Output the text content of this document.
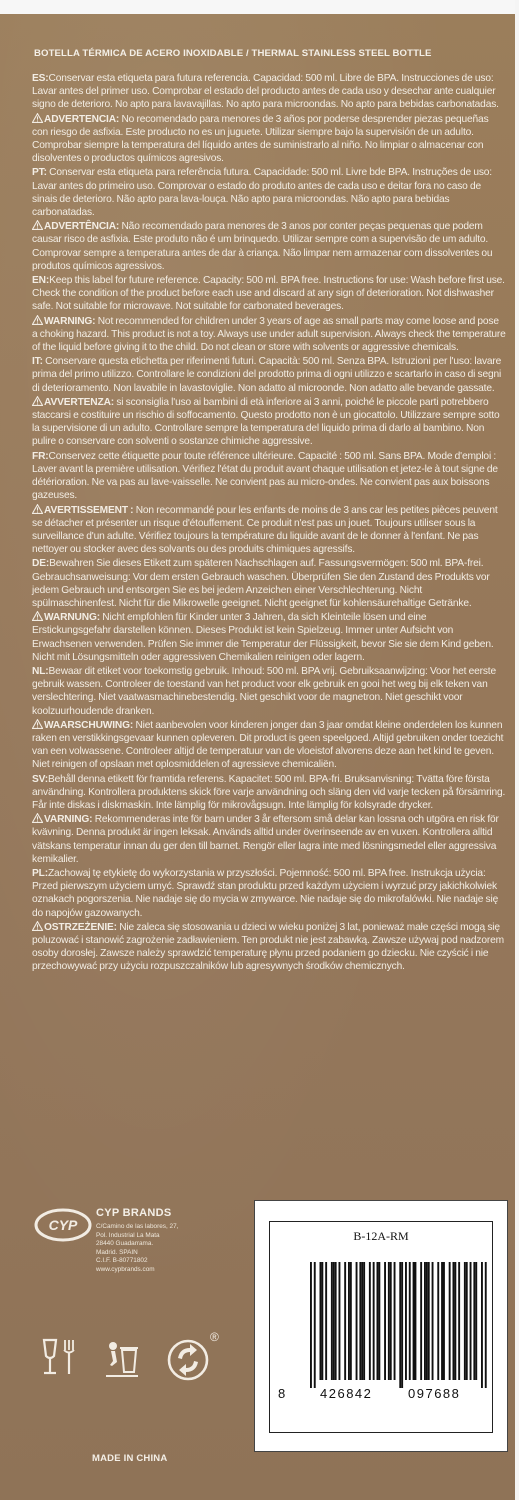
BOTELLA TÉRMICA DE ACERO INOXIDABLE / THERMAL STAINLESS STEEL BOTTLE

ES:Conservar esta etiqueta para futura referencia. Capacidad: 500 ml. Libre de BPA. Instrucciones de uso: Lavar antes del primer uso. Comprobar el estado del producto antes de cada uso y desechar ante cualquier signo de deterioro. No apto para lavavajillas. No apto para microondas. No apto para bebidas carbonatadas.

ADVERTENCIA: No recomendado para menores de 3 años por poderse desprender piezas pequeñas con riesgo de asfixia. Este producto no es un juguete. Utilizar siempre bajo la supervisión de un adulto. Comprobar siempre la temperatura del líquido antes de suministrarlo al niño. No limpiar o almacenar con disolventes o productos químicos agresivos.

PT: Conservar esta etiqueta para referência futura. Capacidade: 500 ml. Livre bde BPA. Instruções de uso: Lavar antes do primeiro uso. Comprovar o estado do produto antes de cada uso e deitar fora no caso de sinais de deterioro. Não apto para lava-louça. Não apto para microondas. Não apto para bebidas carbonatadas.

ADVERTÊNCIA: Não recomendado para menores de 3 anos por conter peças pequenas que podem causar risco de asfixia. Este produto não é um brinquedo. Utilizar sempre com a supervisão de um adulto. Comprovar sempre a temperatura antes de dar à criança. Não limpar nem armazenar com dissolventes ou produtos químicos agressivos.

EN:Keep this label for future reference. Capacity: 500 ml. BPA free. Instructions for use: Wash before first use. Check the condition of the product before each use and discard at any sign of deterioration. Not dishwasher safe. Not suitable for microwave. Not suitable for carbonated beverages.

WARNING: Not recommended for children under 3 years of age as small parts may come loose and pose a choking hazard. This product is not a toy. Always use under adult supervision. Always check the temperature of the liquid before giving it to the child. Do not clean or store with solvents or aggressive chemicals.

IT: Conservare questa etichetta per riferimenti futuri. Capacità: 500 ml. Senza BPA. Istruzioni per l'uso: lavare prima del primo utilizzo. Controllare le condizioni del prodotto prima di ogni utilizzo e scartarlo in caso di segni di deterioramento. Non lavabile in lavastoviglie. Non adatto al microonde. Non adatto alle bevande gassate.

AVVERTENZA: si sconsiglia l'uso ai bambini di età inferiore ai 3 anni, poiché le piccole parti potrebbero staccarsi e costituire un rischio di soffocamento. Questo prodotto non è un giocattolo. Utilizzare sempre sotto la supervisione di un adulto. Controllare sempre la temperatura del liquido prima di darlo al bambino. Non pulire o conservare con solventi o sostanze chimiche aggressive.

FR:Conservez cette étiquette pour toute référence ultérieure. Capacité : 500 ml. Sans BPA. Mode d'emploi : Laver avant la première utilisation. Vérifiez l'état du produit avant chaque utilisation et jetez-le à tout signe de détérioration. Ne va pas au lave-vaisselle. Ne convient pas au micro-ondes. Ne convient pas aux boissons gazeuses.

AVERTISSEMENT : Non recommandé pour les enfants de moins de 3 ans car les petites pièces peuvent se détacher et présenter un risque d'étouffement. Ce produit n'est pas un jouet. Toujours utiliser sous la surveillance d'un adulte. Vérifiez toujours la température du liquide avant de le donner à l'enfant. Ne pas nettoyer ou stocker avec des solvants ou des produits chimiques agressifs.

DE:Bewahren Sie dieses Etikett zum späteren Nachschlagen auf. Fassungsvermögen: 500 ml. BPA-frei. Gebrauchsanweisung: Vor dem ersten Gebrauch waschen. Überprüfen Sie den Zustand des Produkts vor jedem Gebrauch und entsorgen Sie es bei jedem Anzeichen einer Verschlechterung. Nicht spülmaschinenfest. Nicht für die Mikrowelle geeignet. Nicht geeignet für kohlensäurehaltige Getränke.

WARNUNG: Nicht empfohlen für Kinder unter 3 Jahren, da sich Kleinteile lösen und eine Erstickungsgefahr darstellen können. Dieses Produkt ist kein Spielzeug. Immer unter Aufsicht von Erwachsenen verwenden. Prüfen Sie immer die Temperatur der Flüssigkeit, bevor Sie sie dem Kind geben. Nicht mit Lösungsmitteln oder aggressiven Chemikalien reinigen oder lagern.

NL:Bewaar dit etiket voor toekomstig gebruik. Inhoud: 500 ml. BPA vrij. Gebruiksaanwijzing: Voor het eerste gebruik wassen. Controleer de toestand van het product voor elk gebruik en gooi het weg bij elk teken van verslechtering. Niet vaatwasmachinebestendig. Niet geschikt voor de magnetron. Niet geschikt voor koolzuurhoudende dranken.

WAARSCHUWING: Niet aanbevolen voor kinderen jonger dan 3 jaar omdat kleine onderdelen los kunnen raken en verstikkingsgevaar kunnen opleveren. Dit product is geen speelgoed. Altijd gebruiken onder toezicht van een volwassene. Controleer altijd de temperatuur van de vloeistof alvorens deze aan het kind te geven. Niet reinigen of opslaan met oplosmiddelen of agressieve chemicaliën.

SV:Behåll denna etikett för framtida referens. Kapacitet: 500 ml. BPA-fri. Bruksanvisning: Tvätta före första användning. Kontrollera produktens skick före varje användning och släng den vid varje tecken på försämring. Får inte diskas i diskmaskin. Inte lämplig för mikrovågsugn. Inte lämplig för kolsyrade drycker.

VARNING: Rekommenderas inte för barn under 3 år eftersom små delar kan lossna och utgöra en risk för kvävning. Denna produkt är ingen leksak. Används alltid under överinseende av en vuxen. Kontrollera alltid vätskans temperatur innan du ger den till barnet. Rengör eller lagra inte med lösningsmedel eller aggressiva kemikalier.

PL:Zachowaj tę etykietę do wykorzystania w przyszłości. Pojemność: 500 ml. BPA free. Instrukcja użycia: Przed pierwszym użyciem umyć. Sprawdź stan produktu przed każdym użyciem i wyrzuć przy jakichkolwiek oznakach pogorszenia. Nie nadaje się do mycia w zmywarce. Nie nadaje się do mikrofalówki. Nie nadaje się do napojów gazowanych.

OSTRZEŻENIE: Nie zaleca się stosowania u dzieci w wieku poniżej 3 lat, ponieważ małe części mogą się poluzować i stanowić zagrożenie zadławieniem. Ten produkt nie jest zabawką. Zawsze używaj pod nadzorem osoby dorosłej. Zawsze należy sprawdzić temperaturę płynu przed podaniem go dziecku. Nie czyścić i nie przechowywać przy użyciu rozpuszczalników lub agresywnych środków chemicznych.

CYP
CYP BRANDS
C/Camino de las labores, 27,
Pol. Industrial La Mata
28440 Guadarrama.
Madrid. SPAIN
C.I.F. B-80771802
www.cypbrands.com
®
MADE IN CHINA
B-12A-RM
8	426842	097688
